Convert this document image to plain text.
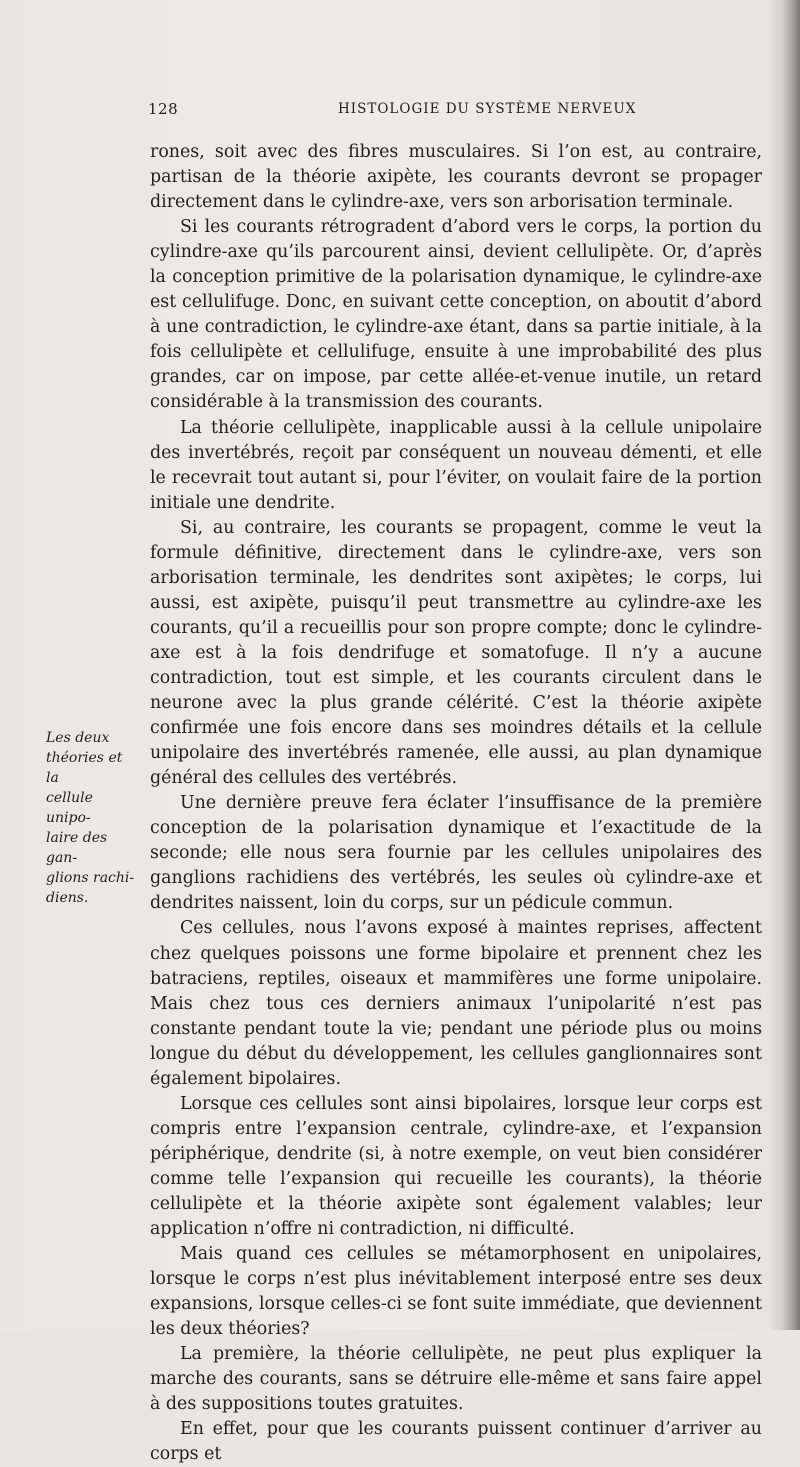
128	HISTOLOGIE DU SYSTÈME NERVEUX
Les deux
théories et la
cellule unipo-
laire des gan-
glions rachi-
diens.

rones, soit avec des fibres musculaires. Si l’on est, au contraire, partisan de la théorie axipète, les courants devront se propager directement dans le cylindre-axe, vers son arborisation terminale.

Si les courants rétrogradent d’abord vers le corps, la portion du cylindre-axe qu’ils parcourent ainsi, devient cellulipète. Or, d’après la conception primitive de la polarisation dynamique, le cylindre-axe est cellulifuge. Donc, en suivant cette conception, on aboutit d’abord à une contradiction, le cylindre-axe étant, dans sa partie initiale, à la fois cellulipète et cellulifuge, ensuite à une improbabilité des plus grandes, car on impose, par cette allée-et-venue inutile, un retard considérable à la transmission des courants.

La théorie cellulipète, inapplicable aussi à la cellule unipolaire des invertébrés, reçoit par conséquent un nouveau démenti, et elle le recevrait tout autant si, pour l’éviter, on voulait faire de la portion initiale une dendrite.

Si, au contraire, les courants se propagent, comme le veut la formule définitive, directement dans le cylindre-axe, vers son arborisation terminale, les dendrites sont axipètes; le corps, lui aussi, est axipète, puisqu’il peut transmettre au cylindre-axe les courants, qu’il a recueillis pour son propre compte; donc le cylindre-axe est à la fois dendrifuge et somatofuge. Il n’y a aucune contradiction, tout est simple, et les courants circulent dans le neurone avec la plus grande célérité. C’est la théorie axipète confirmée une fois encore dans ses moindres détails et la cellule unipolaire des invertébrés ramenée, elle aussi, au plan dynamique général des cellules des vertébrés.

Une dernière preuve fera éclater l’insuffisance de la première conception de la polarisation dynamique et l’exactitude de la seconde; elle nous sera fournie par les cellules unipolaires des ganglions rachidiens des vertébrés, les seules où cylindre-axe et dendrites naissent, loin du corps, sur un pédicule commun.

Ces cellules, nous l’avons exposé à maintes reprises, affectent chez quelques poissons une forme bipolaire et prennent chez les batraciens, reptiles, oiseaux et mammifères une forme unipolaire. Mais chez tous ces derniers animaux l’unipolarité n’est pas constante pendant toute la vie; pendant une période plus ou moins longue du début du développement, les cellules ganglionnaires sont également bipolaires.

Lorsque ces cellules sont ainsi bipolaires, lorsque leur corps est compris entre l’expansion centrale, cylindre-axe, et l’expansion périphérique, dendrite (si, à notre exemple, on veut bien considérer comme telle l’expansion qui recueille les courants), la théorie cellulipète et la théorie axipète sont également valables; leur application n’offre ni contradiction, ni difficulté.

Mais quand ces cellules se métamorphosent en unipolaires, lorsque le corps n’est plus inévitablement interposé entre ses deux expansions, lorsque celles-ci se font suite immédiate, que deviennent les deux théories?

La première, la théorie cellulipète, ne peut plus expliquer la marche des courants, sans se détruire elle-même et sans faire appel à des suppositions toutes gratuites.

En effet, pour que les courants puissent continuer d’arriver au corps et
